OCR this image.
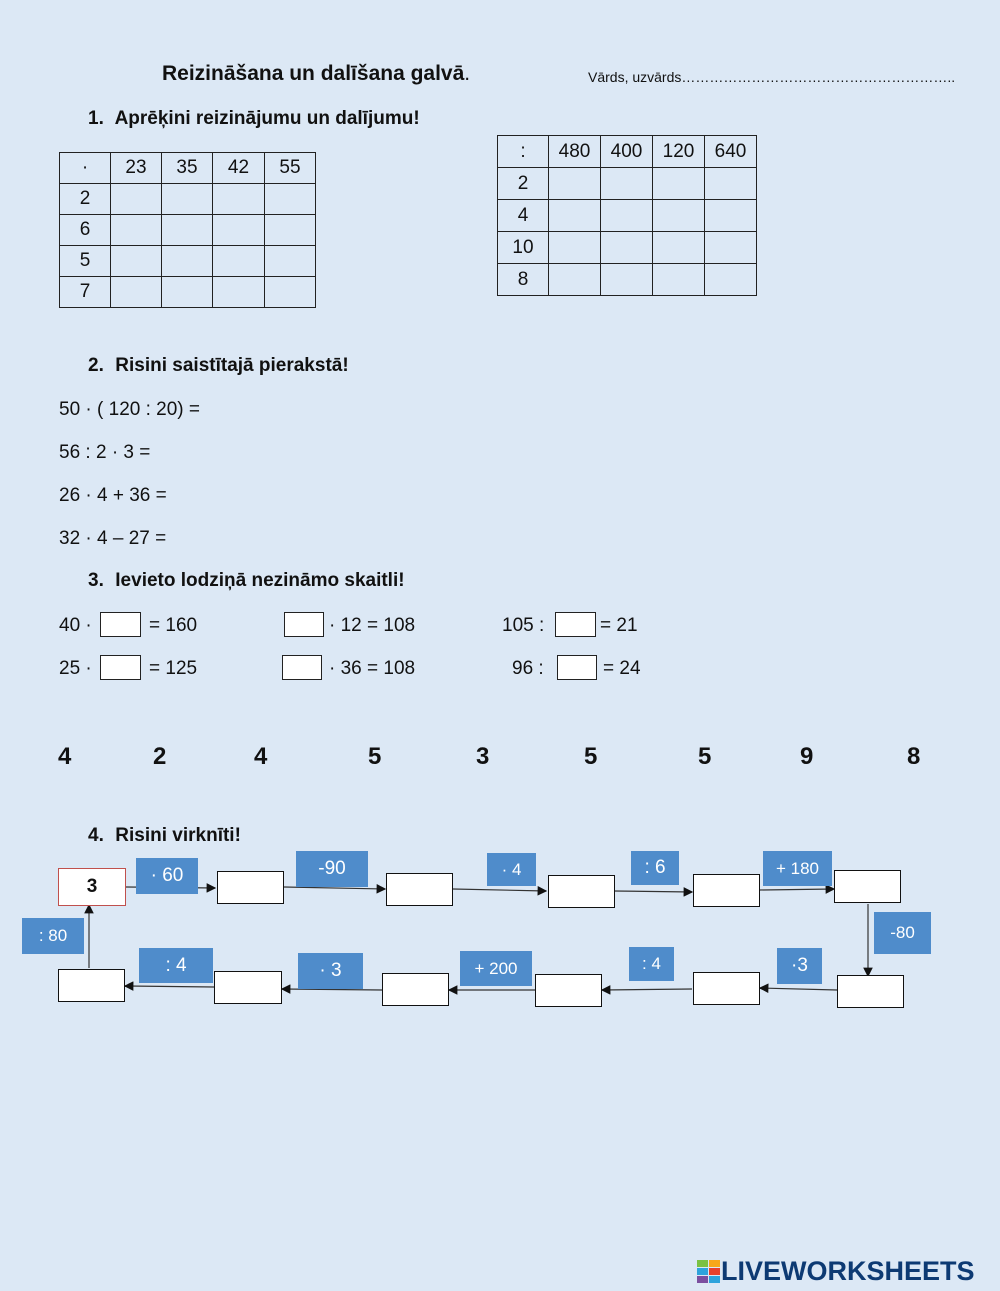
Reizināšana un dalīšana galvā.	Vārds, uzvārds…………………………………………………..
1. Aprēķini reizinājumu un dalījumu!
·	23	35	42	55
2				
6				
5				
7				
:	480	400	120	640
2				
4				
10				
8				
2. Risini saistītajā pierakstā!
50 · ( 120 : 20) =
56 : 2 · 3 =
26 · 4 + 36 =
32 · 4 – 27 =
3. Ievieto lodziņā nezināmo skaitli!
40 ·	= 160	· 12 = 108	105 :	= 21
25 ·	= 125	· 36 = 108	96 :	= 24
4	2	4	5	3	5	5	9	8
4. Risini virknīti!
3
· 60	-90	· 4	: 6	+ 180
-80
·3
: 4
+ 200
· 3
: 4
: 80
LIVEWORKSHEETS
